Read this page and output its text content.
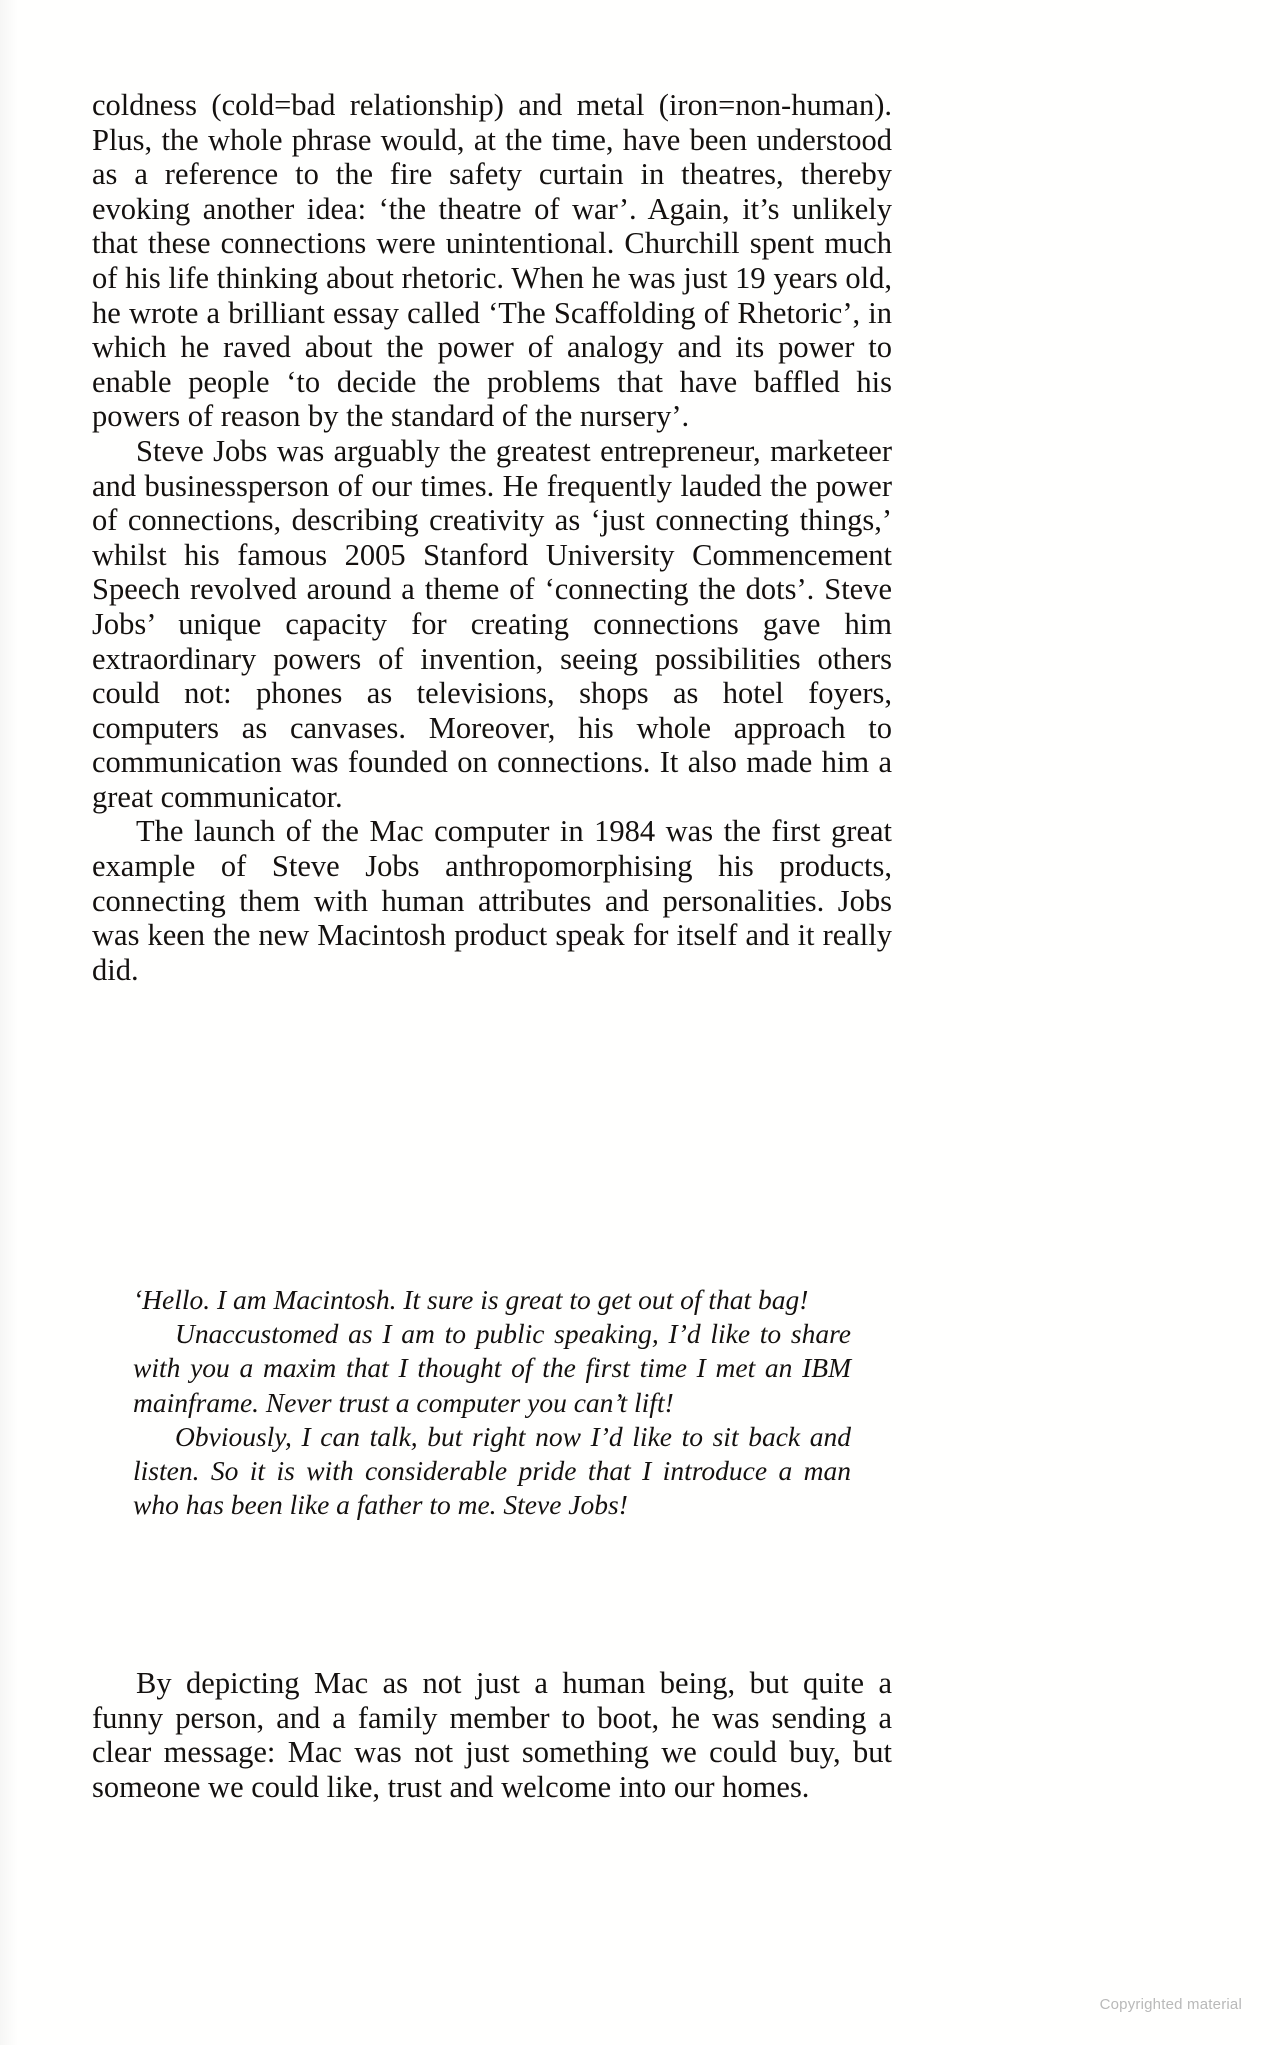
coldness (cold=bad relationship) and metal (iron=non-human). Plus, the whole phrase would, at the time, have been understood as a reference to the fire safety curtain in theatres, thereby evoking another idea: ‘the theatre of war’. Again, it’s unlikely that these connections were unintentional. Churchill spent much of his life thinking about rhetoric. When he was just 19 years old, he wrote a brilliant essay called ‘The Scaffolding of Rhetoric’, in which he raved about the power of analogy and its power to enable people ‘to decide the problems that have baffled his powers of reason by the standard of the nursery’.

Steve Jobs was arguably the greatest entrepreneur, marketeer and businessperson of our times. He frequently lauded the power of connections, describing creativity as ‘just connecting things,’ whilst his famous 2005 Stanford University Commencement Speech revolved around a theme of ‘connecting the dots’. Steve Jobs’ unique capacity for creating connections gave him extraordinary powers of invention, seeing possibilities others could not: phones as televisions, shops as hotel foyers, computers as canvases. Moreover, his whole approach to communication was founded on connections. It also made him a great communicator.

The launch of the Mac computer in 1984 was the first great example of Steve Jobs anthropomorphising his products, connecting them with human attributes and personalities. Jobs was keen the new Macintosh product speak for itself and it really did.

‘Hello. I am Macintosh. It sure is great to get out of that bag!

Unaccustomed as I am to public speaking, I’d like to share with you a maxim that I thought of the first time I met an IBM mainframe. Never trust a computer you can’t lift!

Obviously, I can talk, but right now I’d like to sit back and listen. So it is with considerable pride that I introduce a man who has been like a father to me. Steve Jobs!

By depicting Mac as not just a human being, but quite a funny person, and a family member to boot, he was sending a clear message: Mac was not just something we could buy, but someone we could like, trust and welcome into our homes.

Copyrighted material
